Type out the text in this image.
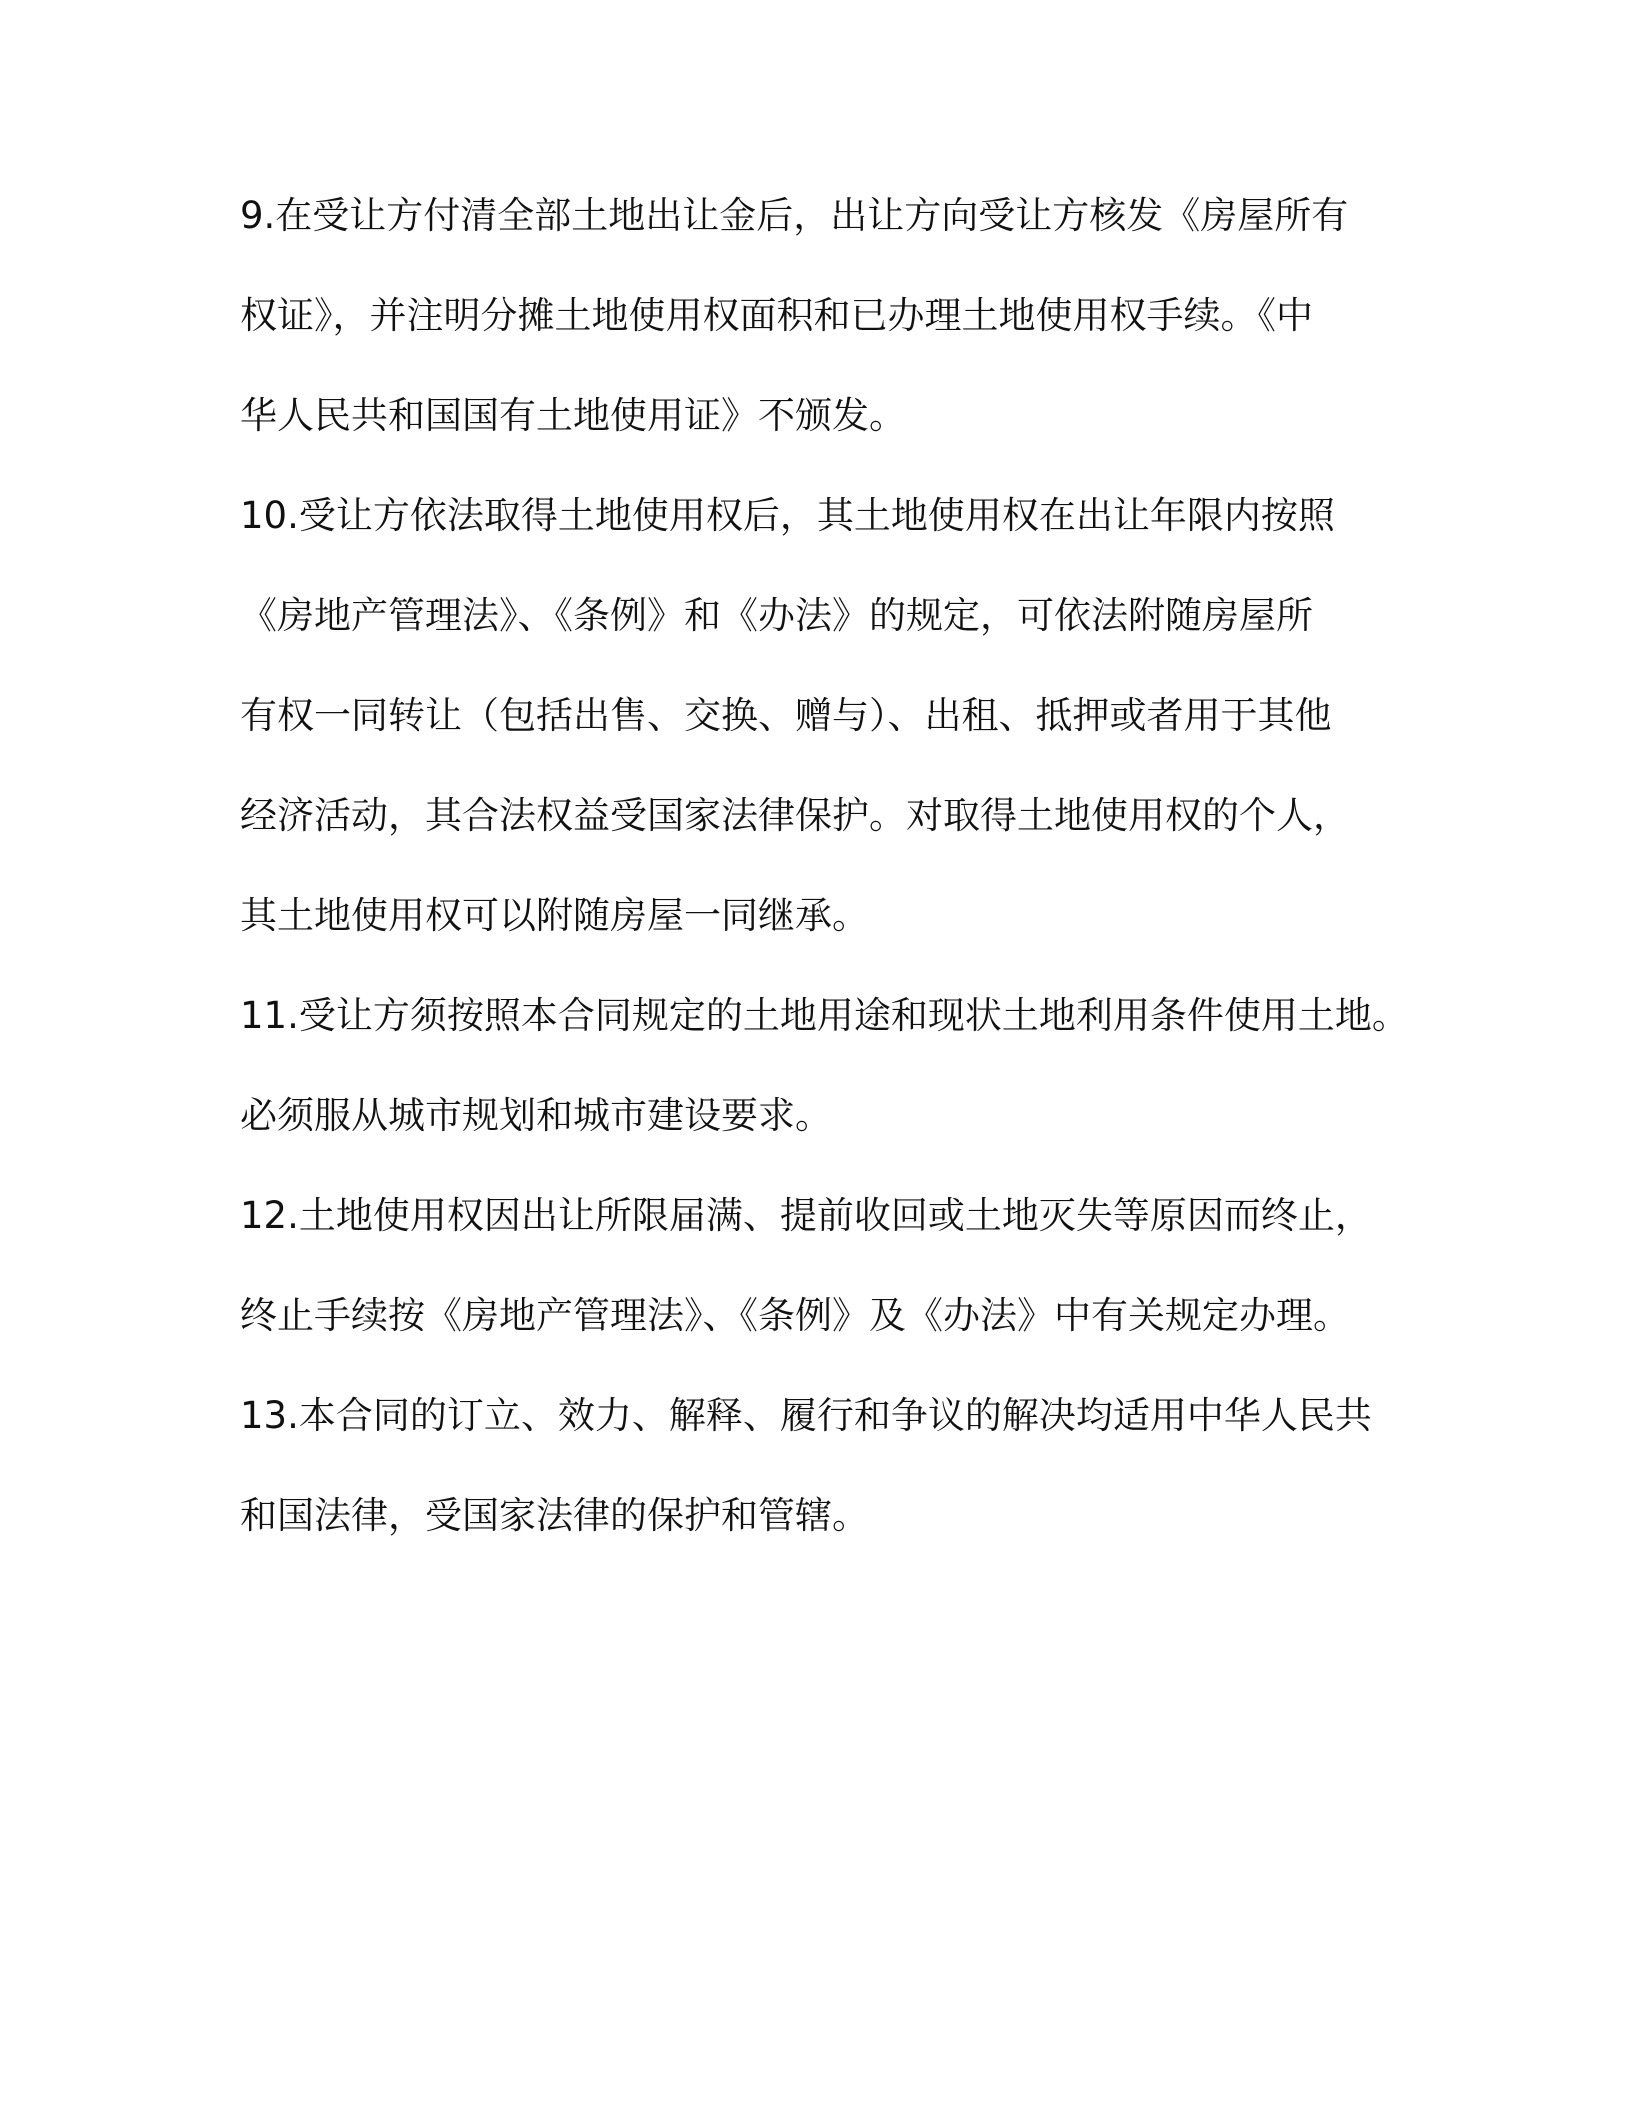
9.在受让方付清全部土地出让金后，出让方向受让方核发《房屋所有
权证》，并注明分摊土地使用权面积和已办理土地使用权手续。《中
华人民共和国国有土地使用证》不颁发。
10.受让方依法取得土地使用权后，其土地使用权在出让年限内按照
《房地产管理法》、《条例》和《办法》的规定，可依法附随房屋所
有权一同转让（包括出售、交换、赠与）、出租、抵押或者用于其他
经济活动，其合法权益受国家法律保护。对取得土地使用权的个人，
其土地使用权可以附随房屋一同继承。
11.受让方须按照本合同规定的土地用途和现状土地利用条件使用土地。
必须服从城市规划和城市建设要求。
12.土地使用权因出让所限届满、提前收回或土地灭失等原因而终止，
终止手续按《房地产管理法》、《条例》及《办法》中有关规定办理。
13.本合同的订立、效力、解释、履行和争议的解决均适用中华人民共
和国法律，受国家法律的保护和管辖。
